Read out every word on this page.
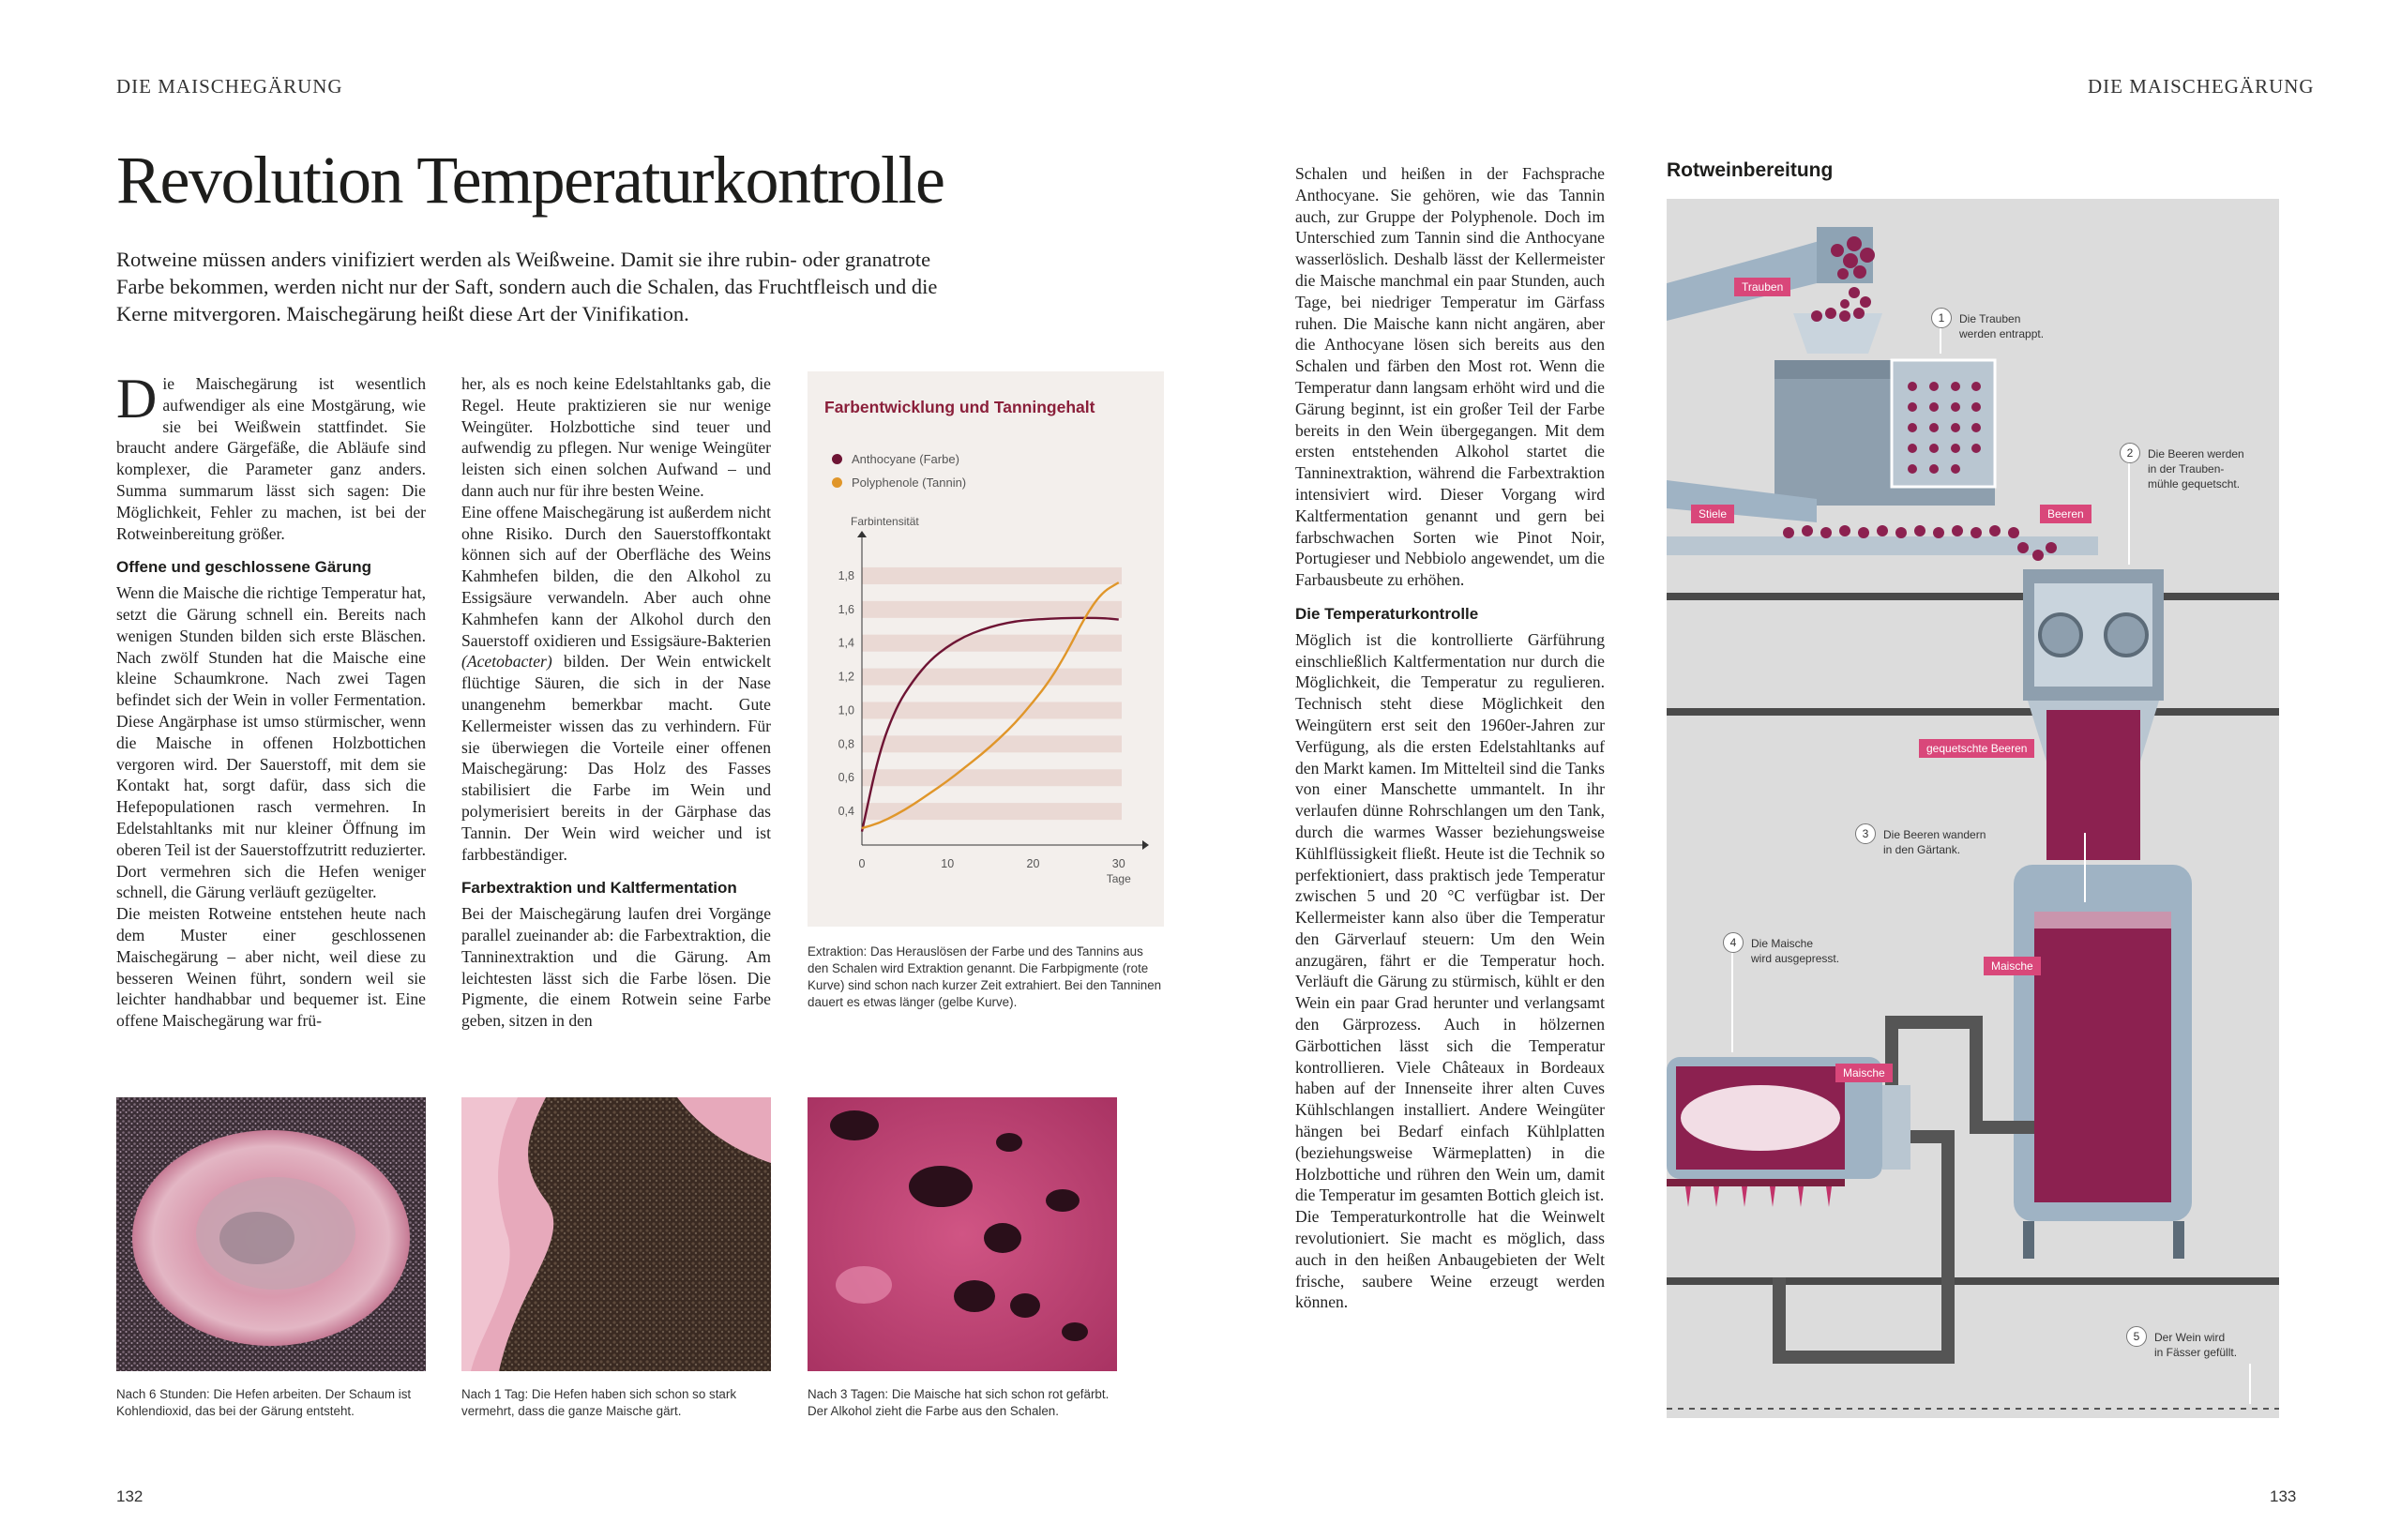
DIE MAISCHEGÄRUNG
132
Revolution Temperaturkontrolle
Rotweine müssen anders vinifiziert werden als Weißweine. Damit sie ihre rubin- oder granatrote Farbe bekommen, werden nicht nur der Saft, sondern auch die Schalen, das Fruchtfleisch und die Kerne mitvergoren. Maischegärung heißt diese Art der Vinifikation.

Die Maischegärung ist wesentlich aufwendiger als eine Mostgärung, wie sie bei Weißwein stattfindet. Sie braucht andere Gärgefäße, die Abläufe sind komplexer, die Parameter ganz anders. Summa summarum lässt sich sagen: Die Möglichkeit, Fehler zu machen, ist bei der Rotweinbereitung größer.

Offene und geschlossene Gärung

Wenn die Maische die richtige Temperatur hat, setzt die Gärung schnell ein. Bereits nach wenigen Stunden bilden sich erste Bläschen. Nach zwölf Stunden hat die Maische eine kleine Schaumkrone. Nach zwei Tagen befindet sich der Wein in voller Fermentation. Diese Angärphase ist umso stürmischer, wenn die Maische in offenen Holzbottichen vergoren wird. Der Sauerstoff, mit dem sie Kontakt hat, sorgt dafür, dass sich die Hefepopulationen rasch vermehren. In Edelstahltanks mit nur kleiner Öffnung im oberen Teil ist der Sauerstoffzutritt reduzierter. Dort vermehren sich die Hefen weniger schnell, die Gärung verläuft gezügelter.

Die meisten Rotweine entstehen heute nach dem Muster einer geschlossenen Maischegärung – aber nicht, weil diese zu besseren Weinen führt, sondern weil sie leichter handhabbar und bequemer ist. Eine offene Maischegärung war frü-

her, als es noch keine Edelstahltanks gab, die Regel. Heute praktizieren sie nur wenige Weingüter. Holzbottiche sind teuer und aufwendig zu pflegen. Nur wenige Weingüter leisten sich einen solchen Aufwand – und dann auch nur für ihre besten Weine.

Eine offene Maischegärung ist außerdem nicht ohne Risiko. Durch den Sauerstoffkontakt können sich auf der Oberfläche des Weins Kahmhefen bilden, die den Alkohol zu Essigsäure verwandeln. Aber auch ohne Kahmhefen kann der Alkohol durch den Sauerstoff oxidieren und Essigsäure-Bakterien (Acetobacter) bilden. Der Wein entwickelt flüchtige Säuren, die sich in der Nase unangenehm bemerkbar macht. Gute Kellermeister wissen das zu verhindern. Für sie überwiegen die Vorteile einer offenen Maischegärung: Das Holz des Fasses stabilisiert die Farbe im Wein und polymerisiert bereits in der Gärphase das Tannin. Der Wein wird weicher und ist farbbeständiger.

Farbextraktion und Kaltfermentation

Bei der Maischegärung laufen drei Vorgänge parallel zueinander ab: die Farbextraktion, die Tanninextraktion und die Gärung. Am leichtesten lässt sich die Farbe lösen. Die Pigmente, die einem Rotwein seine Farbe geben, sitzen in den

Farbentwicklung und Tanningehalt
Anthocyane (Farbe)
Polyphenole (Tannin)
0,4
0,6
0,8
1,0
1,2
1,4
1,6
1,8
0	10	20	30
Farbintensität
Tage
Extraktion: Das Herauslösen der Farbe und des Tannins aus den Schalen wird Extraktion genannt. Die Farbpigmente (rote Kurve) sind schon nach kurzer Zeit extrahiert. Bei den Tanninen dauert es etwas länger (gelbe Kurve).
Nach 6 Stunden: Die Hefen arbeiten. Der Schaum ist Kohlendioxid, das bei der Gärung entsteht.
Nach 1 Tag: Die Hefen haben sich schon so stark vermehrt, dass die ganze Maische gärt.
Nach 3 Tagen: Die Maische hat sich schon rot gefärbt. Der Alkohol zieht die Farbe aus den Schalen.
DIE MAISCHEGÄRUNG
133

Schalen und heißen in der Fachsprache Anthocyane. Sie gehören, wie das Tannin auch, zur Gruppe der Polyphenole. Doch im Unterschied zum Tannin sind die Anthocyane wasserlöslich. Deshalb lässt der Kellermeister die Maische manchmal ein paar Stunden, auch Tage, bei niedriger Temperatur im Gärfass ruhen. Die Maische kann nicht angären, aber die Anthocyane lösen sich bereits aus den Schalen und färben den Most rot. Wenn die Temperatur dann langsam erhöht wird und die Gärung beginnt, ist ein großer Teil der Farbe bereits in den Wein übergegangen. Mit dem ersten entstehenden Alkohol startet die Tanninextraktion, während die Farbextraktion intensiviert wird. Dieser Vorgang wird Kaltfermentation genannt und gern bei farbschwachen Sorten wie Pinot Noir, Portugieser und Nebbiolo angewendet, um die Farbausbeute zu erhöhen.

Die Temperaturkontrolle

Möglich ist die kontrollierte Gärführung einschließlich Kaltfermentation nur durch die Möglichkeit, die Temperatur zu regulieren. Technisch steht diese Möglichkeit den Weingütern erst seit den 1960er-Jahren zur Verfügung, als die ersten Edelstahltanks auf den Markt kamen. Im Mittelteil sind die Tanks von einer Manschette ummantelt. In ihr verlaufen dünne Rohrschlangen um den Tank, durch die warmes Wasser beziehungsweise Kühlflüssigkeit fließt. Heute ist die Technik so perfektioniert, dass praktisch jede Temperatur zwischen 5 und 20 °C verfügbar ist. Der Kellermeister kann also über die Temperatur den Gärverlauf steuern: Um den Wein anzugären, fährt er die Temperatur hoch. Verläuft die Gärung zu stürmisch, kühlt er den Wein ein paar Grad herunter und verlangsamt den Gärprozess. Auch in hölzernen Gärbottichen lässt sich die Temperatur kontrollieren. Viele Châteaux in Bordeaux haben auf der Innenseite ihrer alten Cuves Kühlschlangen installiert. Andere Weingüter hängen bei Bedarf einfach Kühlplatten (beziehungsweise Wärmeplatten) in die Holzbottiche und rühren den Wein um, damit die Temperatur im gesamten Bottich gleich ist.

Die Temperaturkontrolle hat die Weinwelt revolutioniert. Sie macht es möglich, dass auch in den heißen Anbaugebieten der Welt frische, saubere Weine erzeugt werden können.

Rotweinbereitung
Trauben
Stiele	Beeren
gequetschte Beeren
Maische
Maische
1	Die Trauben
werden entrappt.
2	Die Beeren werden
in der Trauben-
mühle gequetscht.
3	Die Beeren wandern
in den Gärtank.
4	Die Maische
wird ausgepresst.
5	Der Wein wird
in Fässer gefüllt.
